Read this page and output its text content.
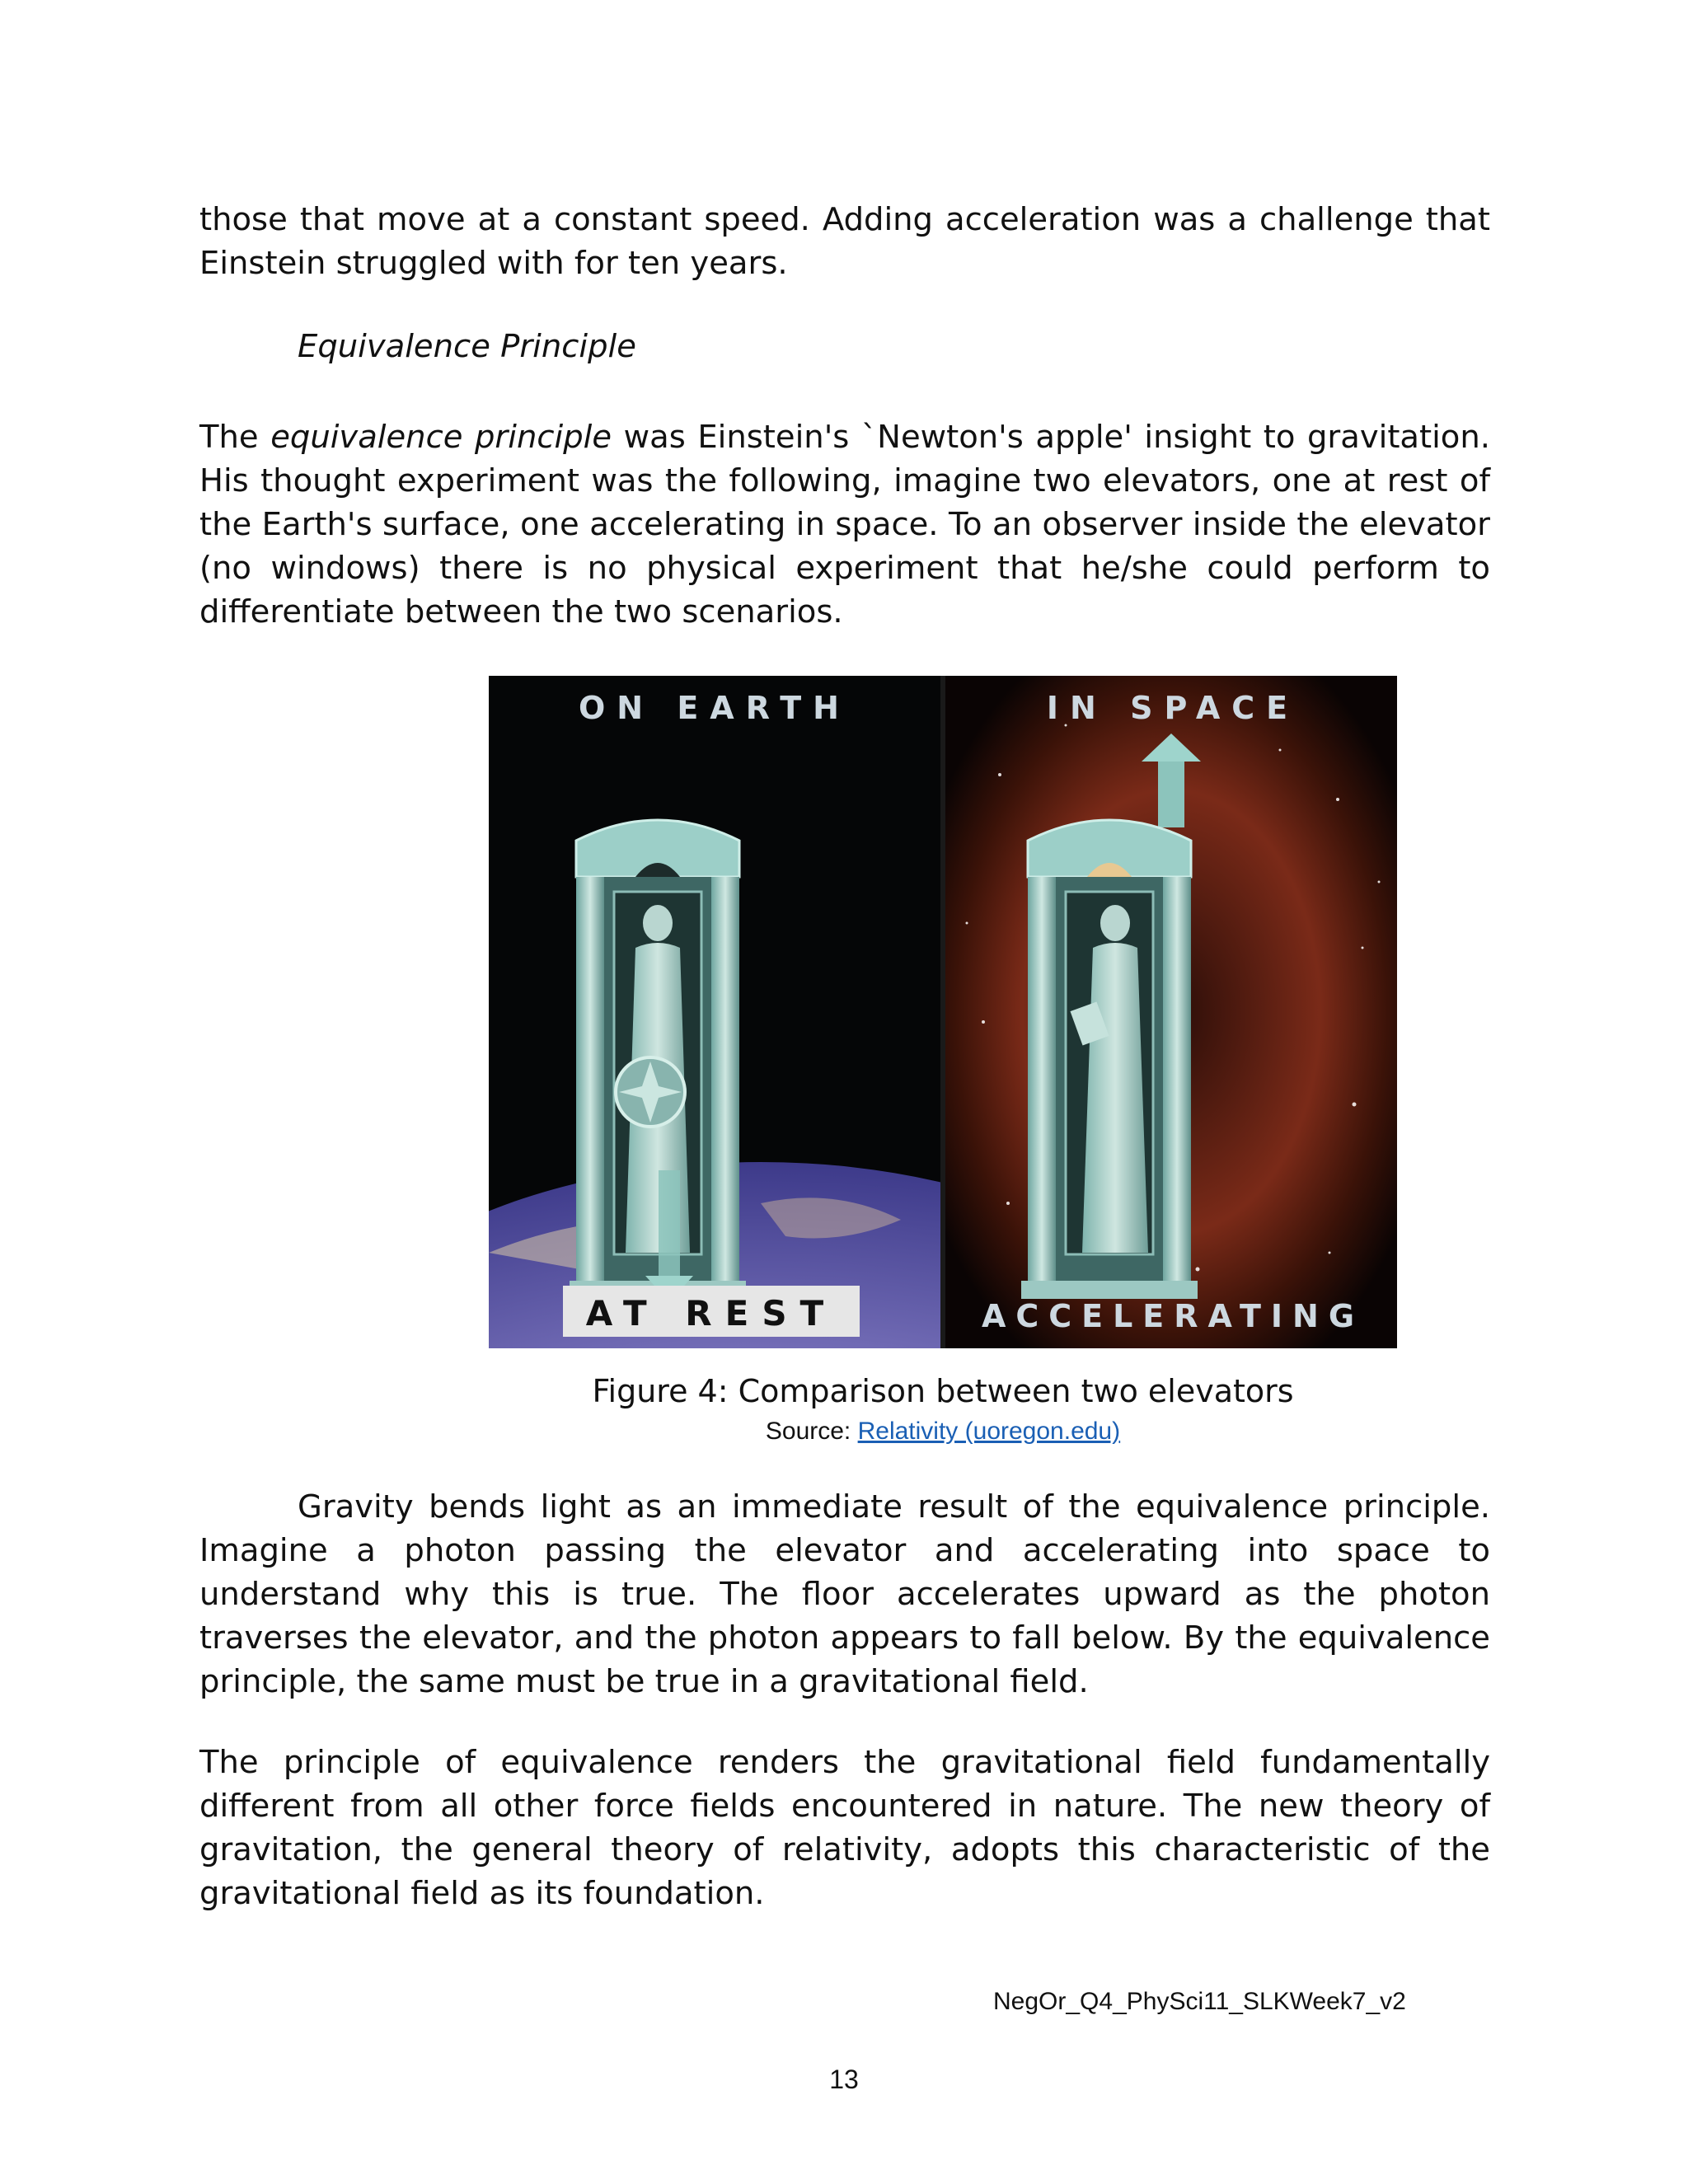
those that move at a constant speed. Adding acceleration was a challenge that Einstein struggled with for ten years.

Equivalence Principle

The equivalence principle was Einstein's `Newton's apple' insight to gravitation. His thought experiment was the following, imagine two elevators, one at rest of the Earth's surface, one accelerating in space. To an observer inside the elevator (no windows) there is no physical experiment that he/she could perform to differentiate between the two scenarios.

ON EARTH
AT REST
IN SPACE
ACCELERATING

Figure 4: Comparison between two elevators

Source: Relativity (uoregon.edu)

Gravity bends light as an immediate result of the equivalence principle. Imagine a photon passing the elevator and accelerating into space to understand why this is true. The floor accelerates upward as the photon traverses the elevator, and the photon appears to fall below. By the equivalence principle, the same must be true in a gravitational field.

The principle of equivalence renders the gravitational field fundamentally different from all other force fields encountered in nature. The new theory of gravitation, the general theory of relativity, adopts this characteristic of the gravitational field as its foundation.

NegOr_Q4_PhySci11_SLKWeek7_v2

13
